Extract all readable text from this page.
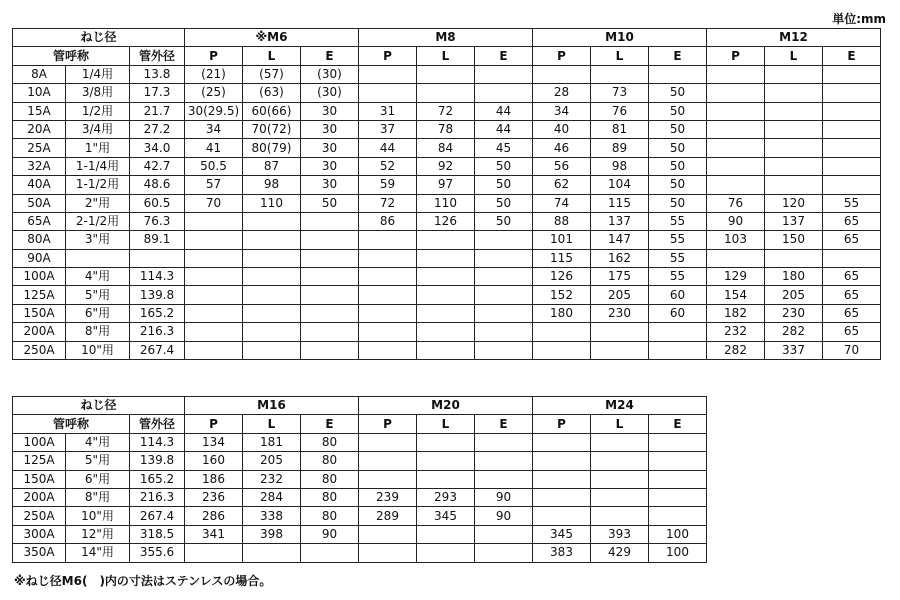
単位:mm
ねじ径			※M6			M8			M10			M12		
管呼称		管外径	P	L	E	P	L	E	P	L	E	P	L	E
8A	1/4用	13.8	(21)	(57)	(30)									
10A	3/8用	17.3	(25)	(63)	(30)				28	73	50			
15A	1/2用	21.7	30(29.5)	60(66)	30	31	72	44	34	76	50			
20A	3/4用	27.2	34	70(72)	30	37	78	44	40	81	50			
25A	1"用	34.0	41	80(79)	30	44	84	45	46	89	50			
32A	1-1/4用	42.7	50.5	87	30	52	92	50	56	98	50			
40A	1-1/2用	48.6	57	98	30	59	97	50	62	104	50			
50A	2"用	60.5	70	110	50	72	110	50	74	115	50	76	120	55
65A	2-1/2用	76.3				86	126	50	88	137	55	90	137	65
80A	3"用	89.1							101	147	55	103	150	65
90A									115	162	55			
100A	4"用	114.3							126	175	55	129	180	65
125A	5"用	139.8							152	205	60	154	205	65
150A	6"用	165.2							180	230	60	182	230	65
200A	8"用	216.3										232	282	65
250A	10"用	267.4										282	337	70
ねじ径			M16			M20			M24		
管呼称		管外径	P	L	E	P	L	E	P	L	E
100A	4"用	114.3	134	181	80						
125A	5"用	139.8	160	205	80						
150A	6"用	165.2	186	232	80						
200A	8"用	216.3	236	284	80	239	293	90			
250A	10"用	267.4	286	338	80	289	345	90			
300A	12"用	318.5	341	398	90				345	393	100
350A	14"用	355.6							383	429	100
※ねじ径M6(　)内の寸法はステンレスの場合。
